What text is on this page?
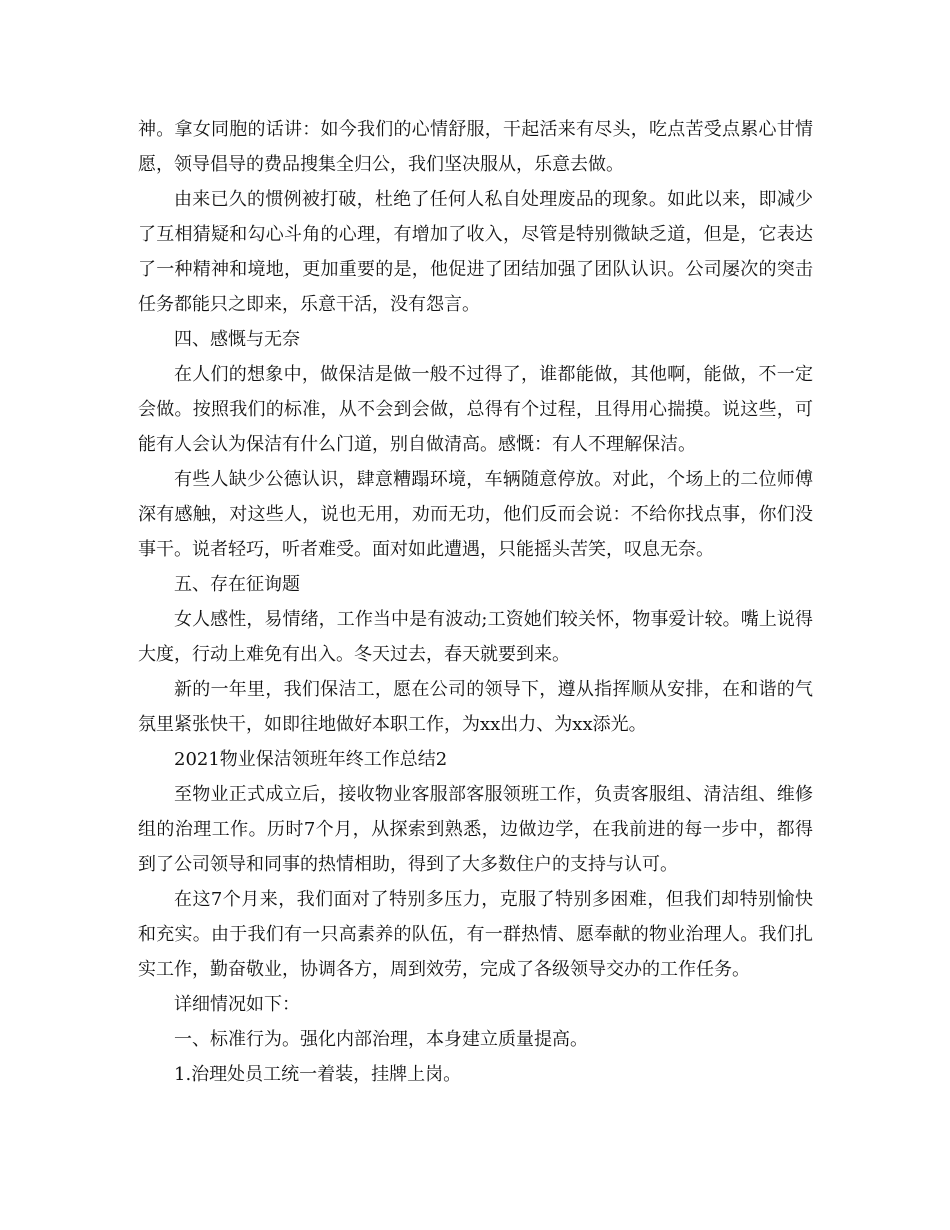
神。拿女同胞的话讲：如今我们的心情舒服，干起活来有尽头，吃点苦受点累心甘情愿，领导倡导的费品搜集全归公，我们坚决服从，乐意去做。

由来已久的惯例被打破，杜绝了任何人私自处理废品的现象。如此以来，即减少了互相猜疑和勾心斗角的心理，有增加了收入，尽管是特别微缺乏道，但是，它表达了一种精神和境地，更加重要的是，他促进了团结加强了团队认识。公司屡次的突击任务都能只之即来，乐意干活，没有怨言。

四、感慨与无奈

在人们的想象中，做保洁是做一般不过得了，谁都能做，其他啊，能做，不一定会做。按照我们的标准，从不会到会做，总得有个过程，且得用心揣摸。说这些，可能有人会认为保洁有什么门道，别自做清高。感慨：有人不理解保洁。

有些人缺少公德认识，肆意糟蹋环境，车辆随意停放。对此，个场上的二位师傅深有感触，对这些人，说也无用，劝而无功，他们反而会说：不给你找点事，你们没事干。说者轻巧，听者难受。面对如此遭遇，只能摇头苦笑，叹息无奈。

五、存在征询题

女人感性，易情绪，工作当中是有波动;工资她们较关怀，物事爱计较。嘴上说得大度，行动上难免有出入。冬天过去，春天就要到来。

新的一年里，我们保洁工，愿在公司的领导下，遵从指挥顺从安排，在和谐的气氛里紧张快干，如即往地做好本职工作，为xx出力、为xx添光。

2021物业保洁领班年终工作总结2

至物业正式成立后，接收物业客服部客服领班工作，负责客服组、清洁组、维修组的治理工作。历时7个月，从探索到熟悉，边做边学，在我前进的每一步中，都得到了公司领导和同事的热情相助，得到了大多数住户的支持与认可。

在这7个月来，我们面对了特别多压力，克服了特别多困难，但我们却特别愉快和充实。由于我们有一只高素养的队伍，有一群热情、愿奉献的物业治理人。我们扎实工作，勤奋敬业，协调各方，周到效劳，完成了各级领导交办的工作任务。

详细情况如下：

一、标准行为。强化内部治理，本身建立质量提高。

1.治理处员工统一着装，挂牌上岗。
